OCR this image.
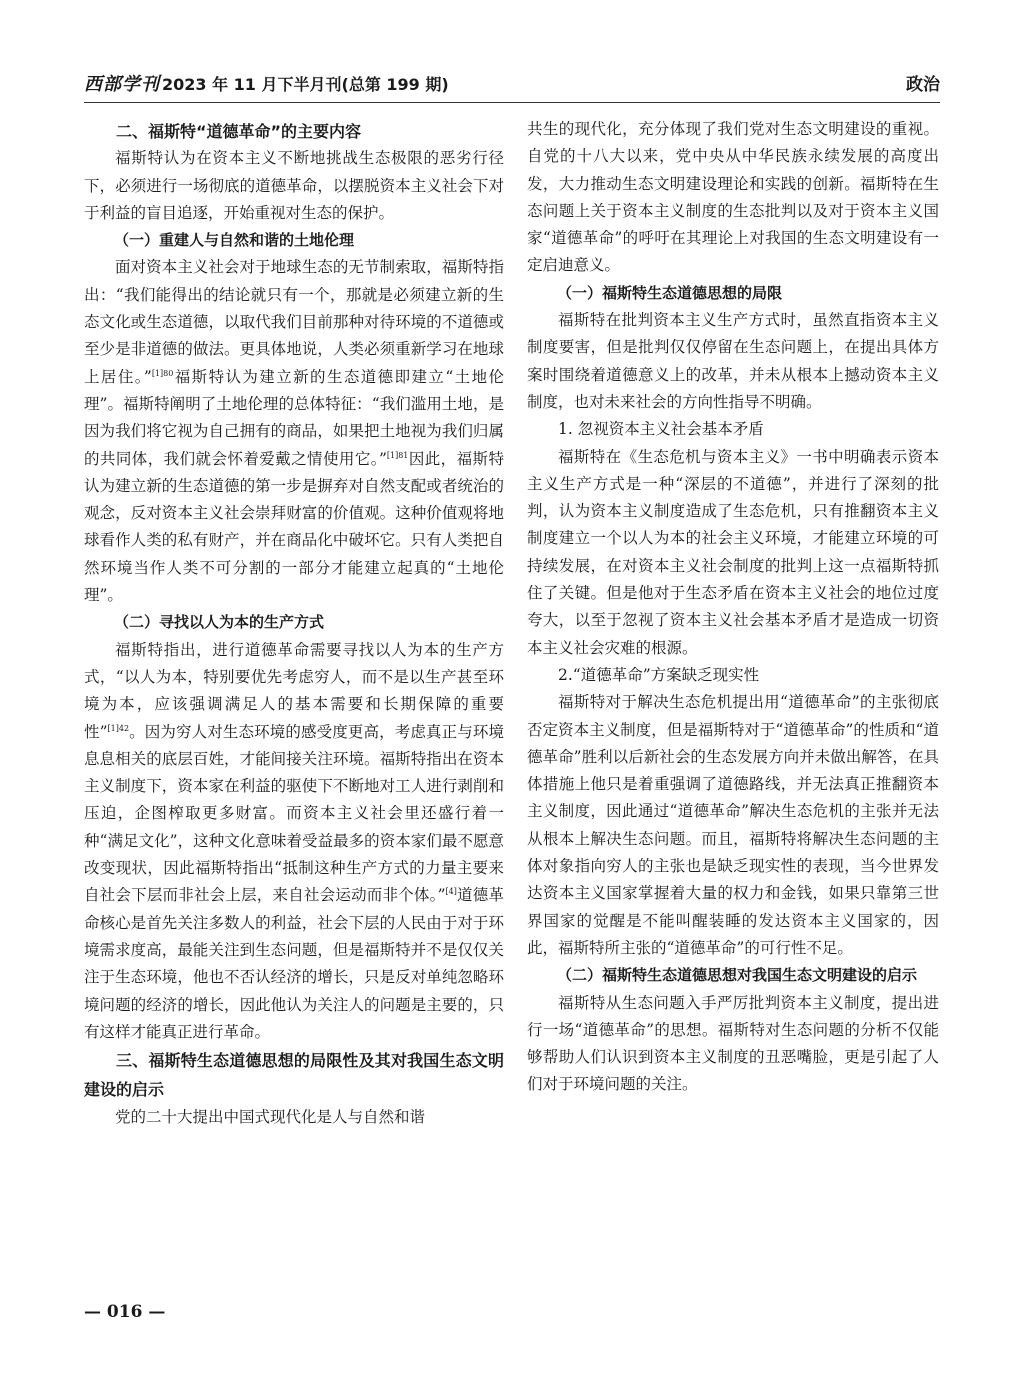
西部学刊 2023 年 11 月下半月刊(总第 199 期)	政治
二、福斯特“道德革命”的主要内容

福斯特认为在资本主义不断地挑战生态极限的恶劣行径下，必须进行一场彻底的道德革命，以摆脱资本主义社会下对于利益的盲目追逐，开始重视对生态的保护。

（一）重建人与自然和谐的土地伦理

面对资本主义社会对于地球生态的无节制索取，福斯特指出：“我们能得出的结论就只有一个，那就是必须建立新的生态文化或生态道德，以取代我们目前那种对待环境的不道德或至少是非道德的做法。更具体地说，人类必须重新学习在地球上居住。”$^{[1]80}$福斯特认为建立新的生态道德即建立“土地伦理”。福斯特阐明了土地伦理的总体特征：“我们滥用土地，是因为我们将它视为自己拥有的商品，如果把土地视为我们归属的共同体，我们就会怀着爱戴之情使用它。”$^{[1]81}$因此，福斯特认为建立新的生态道德的第一步是摒弃对自然支配或者统治的观念，反对资本主义社会崇拜财富的价值观。这种价值观将地球看作人类的私有财产，并在商品化中破坏它。只有人类把自然环境当作人类不可分割的一部分才能建立起真的“土地伦理”。

（二）寻找以人为本的生产方式

福斯特指出，进行道德革命需要寻找以人为本的生产方式，“以人为本，特别要优先考虑穷人，而不是以生产甚至环境为本，应该强调满足人的基本需要和长期保障的重要性”$^{[1]42}$。因为穷人对生态环境的感受度更高，考虑真正与环境息息相关的底层百姓，才能间接关注环境。福斯特指出在资本主义制度下，资本家在利益的驱使下不断地对工人进行剥削和压迫，企图榨取更多财富。而资本主义社会里还盛行着一种“满足文化”，这种文化意味着受益最多的资本家们最不愿意改变现状，因此福斯特指出“抵制这种生产方式的力量主要来自社会下层而非社会上层，来自社会运动而非个体。”[4]道德革命核心是首先关注多数人的利益，社会下层的人民由于对于环境需求度高，最能关注到生态问题，但是福斯特并不是仅仅关注于生态环境，他也不否认经济的增长，只是反对单纯忽略环境问题的经济的增长，因此他认为关注人的问题是主要的，只有这样才能真正进行革命。

三、福斯特生态道德思想的局限性及其对我国生态文明建设的启示

党的二十大提出中国式现代化是人与自然和谐

共生的现代化，充分体现了我们党对生态文明建设的重视。自党的十八大以来，党中央从中华民族永续发展的高度出发，大力推动生态文明建设理论和实践的创新。福斯特在生态问题上关于资本主义制度的生态批判以及对于资本主义国家“道德革命”的呼吁在其理论上对我国的生态文明建设有一定启迪意义。

（一）福斯特生态道德思想的局限

福斯特在批判资本主义生产方式时，虽然直指资本主义制度要害，但是批判仅仅停留在生态问题上，在提出具体方案时围绕着道德意义上的改革，并未从根本上撼动资本主义制度，也对未来社会的方向性指导不明确。

1. 忽视资本主义社会基本矛盾

福斯特在《生态危机与资本主义》一书中明确表示资本主义生产方式是一种“深层的不道德”，并进行了深刻的批判，认为资本主义制度造成了生态危机，只有推翻资本主义制度建立一个以人为本的社会主义环境，才能建立环境的可持续发展，在对资本主义社会制度的批判上这一点福斯特抓住了关键。但是他对于生态矛盾在资本主义社会的地位过度夸大，以至于忽视了资本主义社会基本矛盾才是造成一切资本主义社会灾难的根源。

2.“道德革命”方案缺乏现实性

福斯特对于解决生态危机提出用“道德革命”的主张彻底否定资本主义制度，但是福斯特对于“道德革命”的性质和“道德革命”胜利以后新社会的生态发展方向并未做出解答，在具体措施上他只是着重强调了道德路线，并无法真正推翻资本主义制度，因此通过“道德革命”解决生态危机的主张并无法从根本上解决生态问题。而且，福斯特将解决生态问题的主体对象指向穷人的主张也是缺乏现实性的表现，当今世界发达资本主义国家掌握着大量的权力和金钱，如果只靠第三世界国家的觉醒是不能叫醒装睡的发达资本主义国家的，因此，福斯特所主张的“道德革命”的可行性不足。

（二）福斯特生态道德思想对我国生态文明建设的启示

福斯特从生态问题入手严厉批判资本主义制度，提出进行一场“道德革命”的思想。福斯特对生态问题的分析不仅能够帮助人们认识到资本主义制度的丑恶嘴脸，更是引起了人们对于环境问题的关注。

— 016 —
